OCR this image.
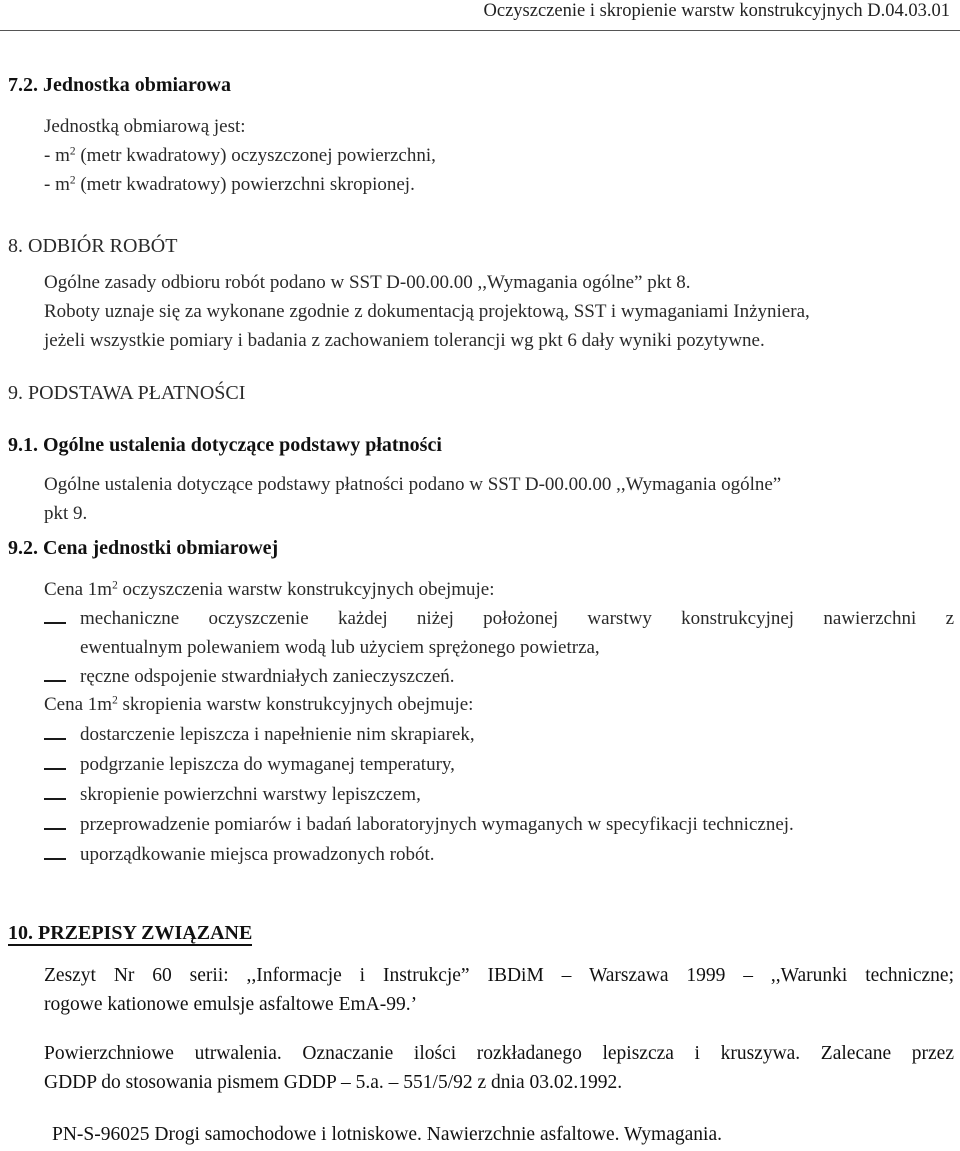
Oczyszczenie i skropienie warstw konstrukcyjnych D.04.03.01
7.2. Jednostka obmiarowa
Jednostką obmiarową jest:
- $m^2$ (metr kwadratowy) oczyszczonej powierzchni,
- $m^2$ (metr kwadratowy) powierzchni skropionej.
8. ODBIÓR ROBÓT
Ogólne zasady odbioru robót podano w SST D-00.00.00 ,,Wymagania ogólne” pkt 8.
Roboty uznaje się za wykonane zgodnie z dokumentacją projektową, SST i wymaganiami Inżyniera,
jeżeli wszystkie pomiary i badania z zachowaniem tolerancji wg pkt 6 dały wyniki pozytywne.
9. PODSTAWA PŁATNOŚCI
9.1. Ogólne ustalenia dotyczące podstawy płatności
Ogólne ustalenia dotyczące podstawy płatności podano w SST D-00.00.00 ,,Wymagania ogólne”
pkt 9.
9.2. Cena jednostki obmiarowej
Cena $1m^2$ oczyszczenia warstw konstrukcyjnych obejmuje:
mechaniczne oczyszczenie każdej niżej położonej warstwy konstrukcyjnej nawierzchni z
ewentualnym polewaniem wodą lub użyciem sprężonego powietrza,
ręczne odspojenie stwardniałych zanieczyszczeń.
Cena $1m^2$ skropienia warstw konstrukcyjnych obejmuje:
dostarczenie lepiszcza i napełnienie nim skrapiarek,
podgrzanie lepiszcza do wymaganej temperatury,
skropienie powierzchni warstwy lepiszczem,
przeprowadzenie pomiarów i badań laboratoryjnych wymaganych w specyfikacji technicznej.
uporządkowanie miejsca prowadzonych robót.
10. PRZEPISY ZWIĄZANE
Zeszyt Nr 60 serii: ,,Informacje i Instrukcje” IBDiM – Warszawa 1999 – ,,Warunki techniczne;
rogowe kationowe emulsje asfaltowe EmA-99.’
Powierzchniowe utrwalenia. Oznaczanie ilości rozkładanego lepiszcza i kruszywa. Zalecane przez
GDDP do stosowania pismem GDDP – 5.a. – 551/5/92 z dnia 03.02.1992.
PN-S-96025 Drogi samochodowe i lotniskowe. Nawierzchnie asfaltowe. Wymagania.
